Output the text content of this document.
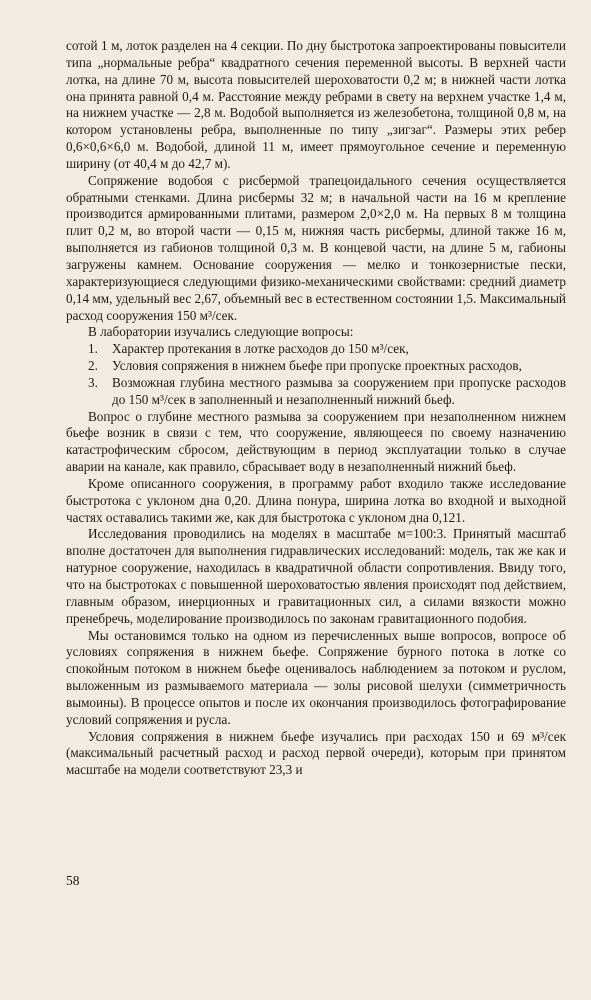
сотой 1 м, лоток разделен на 4 секции. По дну быстротока запроектированы повысители типа „нормальные ребра“ квадратного сечения переменной высоты. В верхней части лотка, на длине 70 м, высота повысителей шероховатости 0,2 м; в нижней части лотка она принята равной 0,4 м. Расстояние между ребрами в свету на верхнем участке 1,4 м, на нижнем участке — 2,8 м. Водобой выполняется из железобетона, толщиной 0,8 м, на котором установлены ребра, выполненные по типу „зигзаг“. Размеры этих ребер 0,6×0,6×6,0 м. Водобой, длиной 11 м, имеет прямоугольное сечение и переменную ширину (от 40,4 м до 42,7 м).

Сопряжение водобоя с рисбермой трапецоидального сечения осуществляется обратными стенками. Длина рисбермы 32 м; в начальной части на 16 м крепление производится армированными плитами, размером 2,0×2,0 м. На первых 8 м толщина плит 0,2 м, во второй части — 0,15 м, нижняя часть рисбермы, длиной также 16 м, выполняется из габионов толщиной 0,3 м. В концевой части, на длине 5 м, габионы загружены камнем. Основание сооружения — мелко и тонкозернистые пески, характеризующиеся следующими физико-механическими свойствами: средний диаметр 0,14 мм, удельный вес 2,67, объемный вес в естественном состоянии 1,5. Максимальный расход сооружения 150 м³/сек.

В лаборатории изучались следующие вопросы:

1.	Характер протекания в лотке расходов до 150 м³/сек,
2.	Условия сопряжения в нижнем бьефе при пропуске проектных расходов,
3.	Возможная глубина местного размыва за сооружением при пропуске расходов до 150 м³/сек в заполненный и незаполненный нижний бьеф.

Вопрос о глубине местного размыва за сооружением при незаполненном нижнем бьефе возник в связи с тем, что сооружение, являющееся по своему назначению катастрофическим сбросом, действующим в период эксплуатации только в случае аварии на канале, как правило, сбрасывает воду в незаполненный нижний бьеф.

Кроме описанного сооружения, в программу работ входило также исследование быстротока с уклоном дна 0,20. Длина понура, ширина лотка во входной и выходной частях оставались такими же, как для быстротока с уклоном дна 0,121.

Исследования проводились на моделях в масштабе м=100:3. Принятый масштаб вполне достаточен для выполнения гидравлических исследований: модель, так же как и натурное сооружение, находилась в квадратичной области сопротивления. Ввиду того, что на быстротоках с повышенной шероховатостью явления происходят под действием, главным образом, инерционных и гравитационных сил, а силами вязкости можно пренебречь, моделирование производилось по законам гравитационного подобия.

Мы остановимся только на одном из перечисленных выше вопросов, вопросе об условиях сопряжения в нижнем бьефе. Сопряжение бурного потока в лотке со спокойным потоком в нижнем бьефе оценивалось наблюдением за потоком и руслом, выложенным из размываемого материала — золы рисовой шелухи (симметричность вымоины). В процессе опытов и после их окончания производилось фотографирование условий сопряжения и русла.

Условия сопряжения в нижнем бьефе изучались при расходах 150 и 69 м³/сек (максимальный расчетный расход и расход первой очереди), которым при принятом масштабе на модели соответствуют 23,3 и

58
